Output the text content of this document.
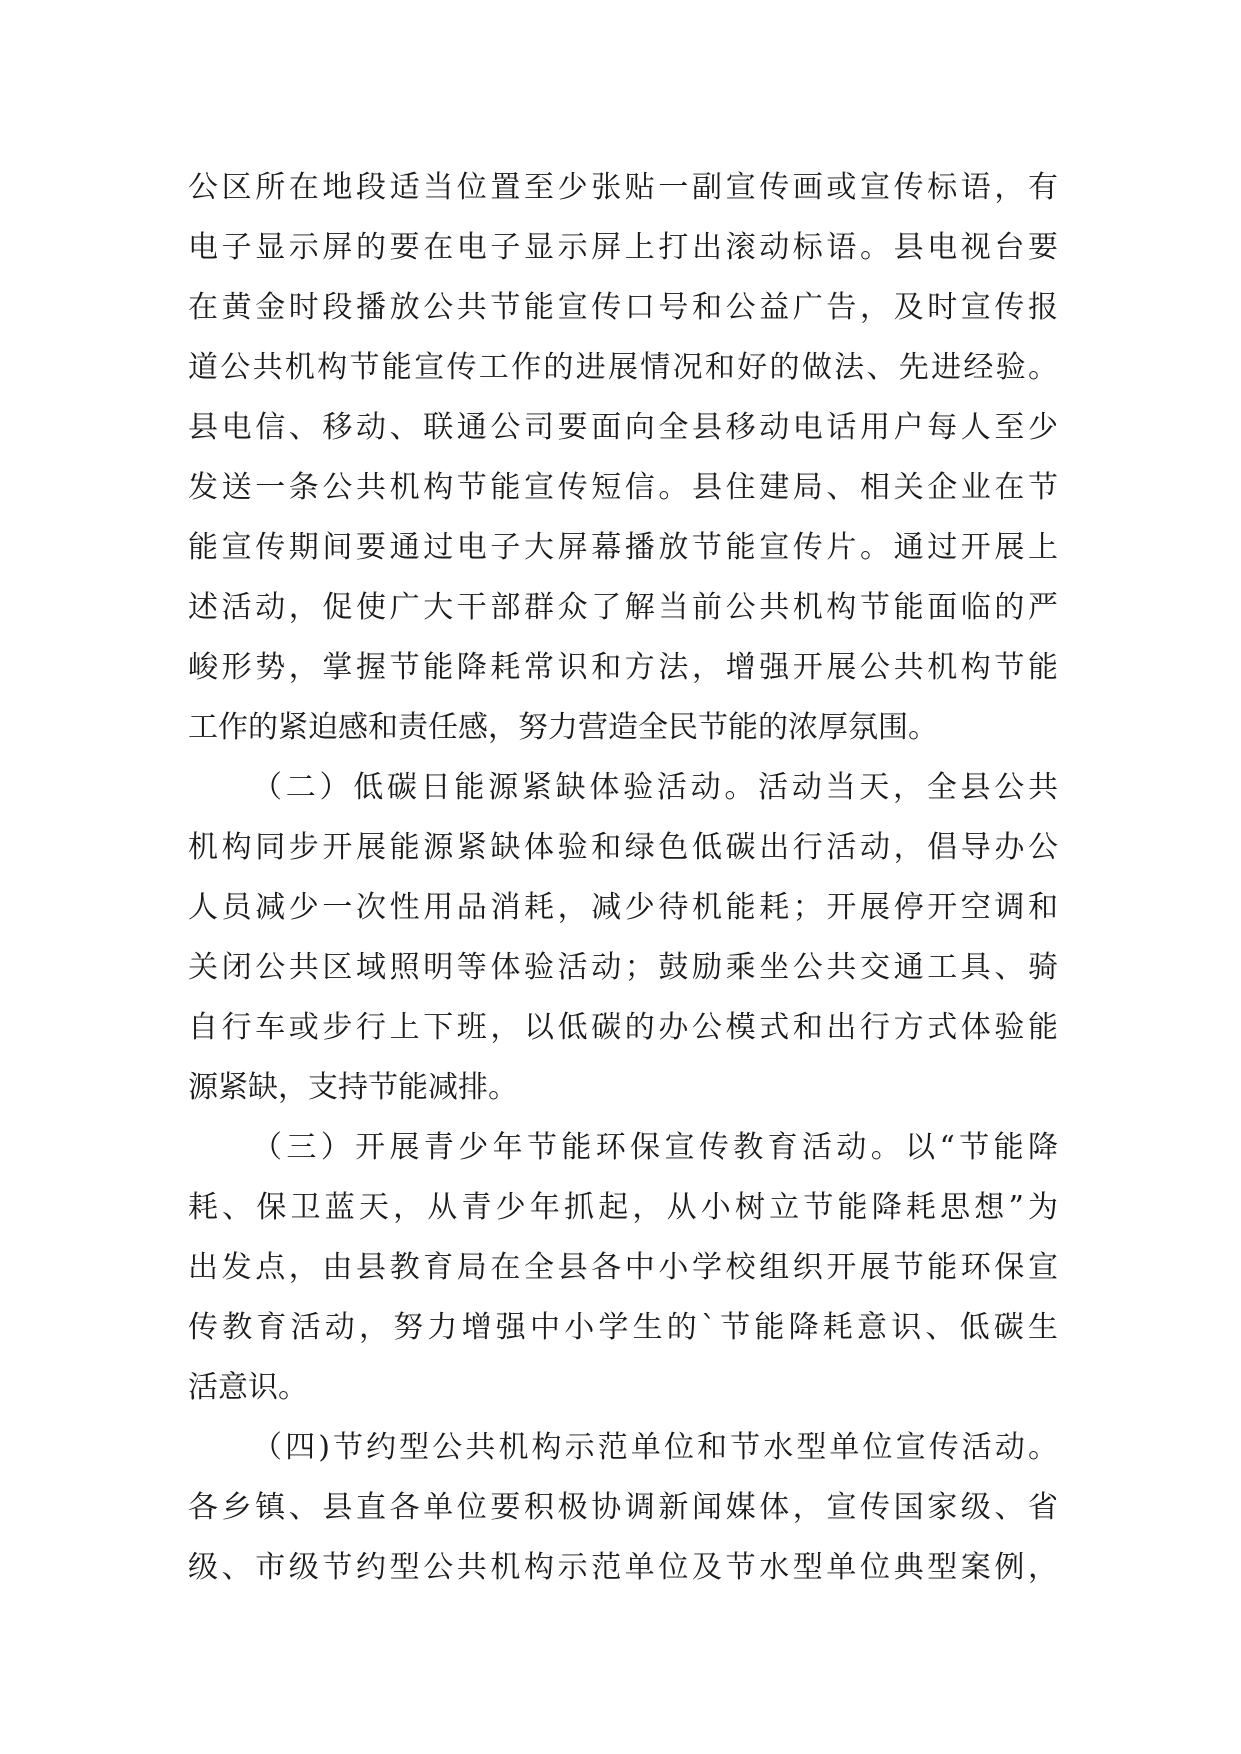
公区所在地段适当位置至少张贴一副宣传画或宣传标语，有
电子显示屏的要在电子显示屏上打出滚动标语。县电视台要
在黄金时段播放公共节能宣传口号和公益广告，及时宣传报
道公共机构节能宣传工作的进展情况和好的做法、先进经验。
县电信、移动、联通公司要面向全县移动电话用户每人至少
发送一条公共机构节能宣传短信。县住建局、相关企业在节
能宣传期间要通过电子大屏幕播放节能宣传片。通过开展上
述活动，促使广大干部群众了解当前公共机构节能面临的严
峻形势，掌握节能降耗常识和方法，增强开展公共机构节能
工作的紧迫感和责任感，努力营造全民节能的浓厚氛围。
（二）低碳日能源紧缺体验活动。活动当天，全县公共
机构同步开展能源紧缺体验和绿色低碳出行活动，倡导办公
人员减少一次性用品消耗，减少待机能耗；开展停开空调和
关闭公共区域照明等体验活动；鼓励乘坐公共交通工具、骑
自行车或步行上下班，以低碳的办公模式和出行方式体验能
源紧缺，支持节能减排。
（三）开展青少年节能环保宣传教育活动。以“节能降
耗、保卫蓝天，从青少年抓起，从小树立节能降耗思想”为
出发点，由县教育局在全县各中小学校组织开展节能环保宣
传教育活动，努力增强中小学生的`节能降耗意识、低碳生
活意识。
（四)节约型公共机构示范单位和节水型单位宣传活动。
各乡镇、县直各单位要积极协调新闻媒体，宣传国家级、省
级、市级节约型公共机构示范单位及节水型单位典型案例，
